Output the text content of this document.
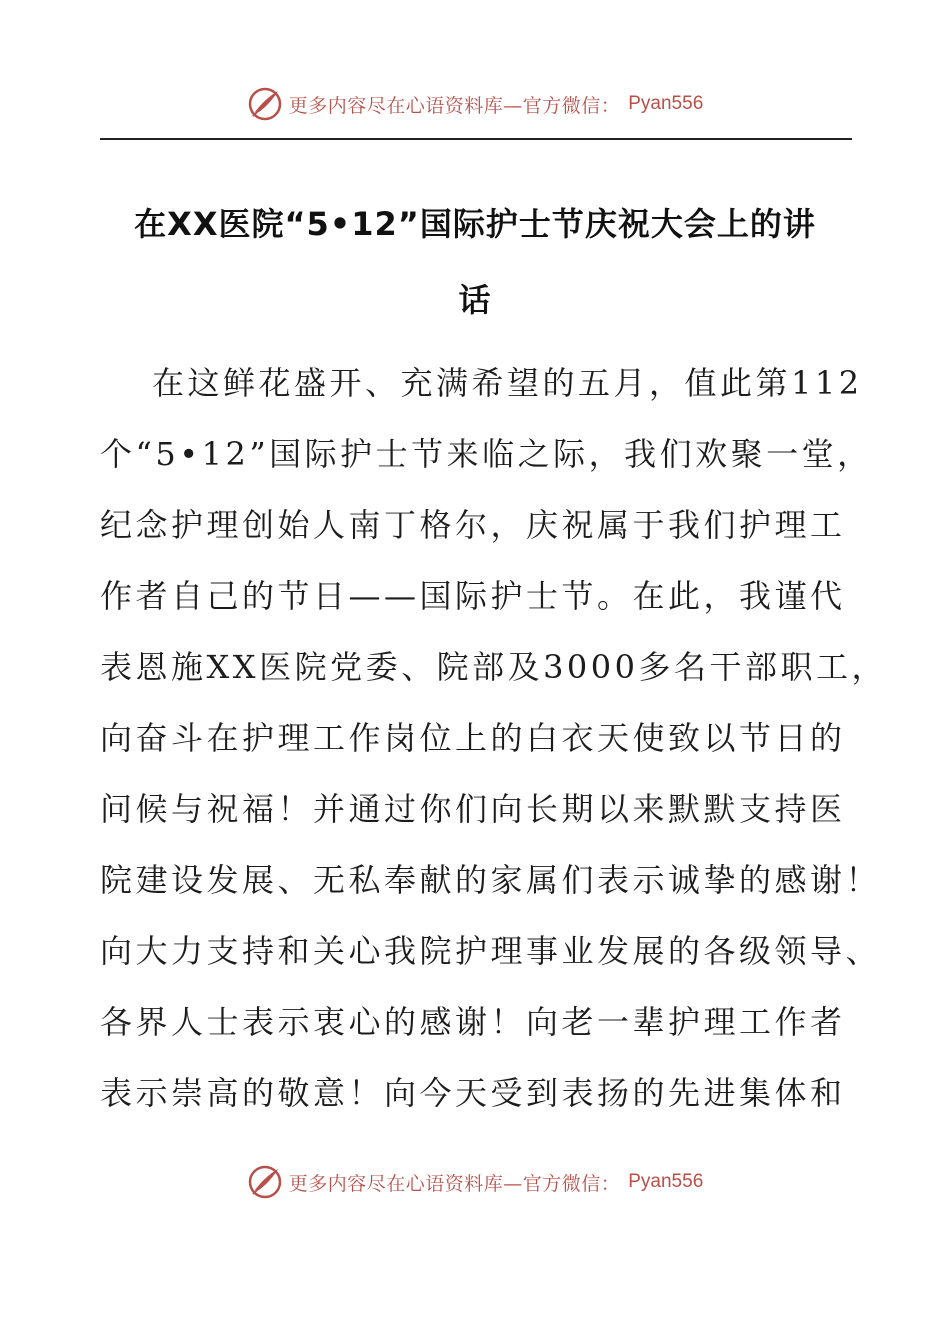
更多内容尽在心语资料库—官方微信： Pyan556
在XX医院“5•12”国际护士节庆祝大会上的讲
话
在这鲜花盛开、充满希望的五月，值此第112
个“5•12”国际护士节来临之际，我们欢聚一堂，
纪念护理创始人南丁格尔，庆祝属于我们护理工
作者自己的节日——国际护士节。在此，我谨代
表恩施XX医院党委、院部及3000多名干部职工，
向奋斗在护理工作岗位上的白衣天使致以节日的
问候与祝福！并通过你们向长期以来默默支持医
院建设发展、无私奉献的家属们表示诚挚的感谢！
向大力支持和关心我院护理事业发展的各级领导、
各界人士表示衷心的感谢！向老一辈护理工作者
表示崇高的敬意！向今天受到表扬的先进集体和
更多内容尽在心语资料库—官方微信： Pyan556
